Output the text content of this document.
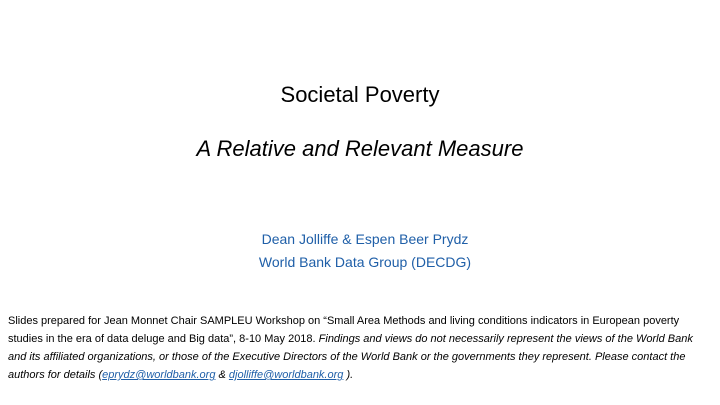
Societal Poverty
A Relative and Relevant Measure
Dean Jolliffe & Espen Beer Prydz
World Bank Data Group (DECDG)
Slides prepared for Jean Monnet Chair SAMPLEU Workshop on “Small Area Methods and living conditions indicators in European poverty studies in the era of data deluge and Big data”, 8-10 May 2018. Findings and views do not necessarily represent the views of the World Bank and its affiliated organizations, or those of the Executive Directors of the World Bank or the governments they represent. Please contact the authors for details (eprydz@worldbank.org & djolliffe@worldbank.org ).
